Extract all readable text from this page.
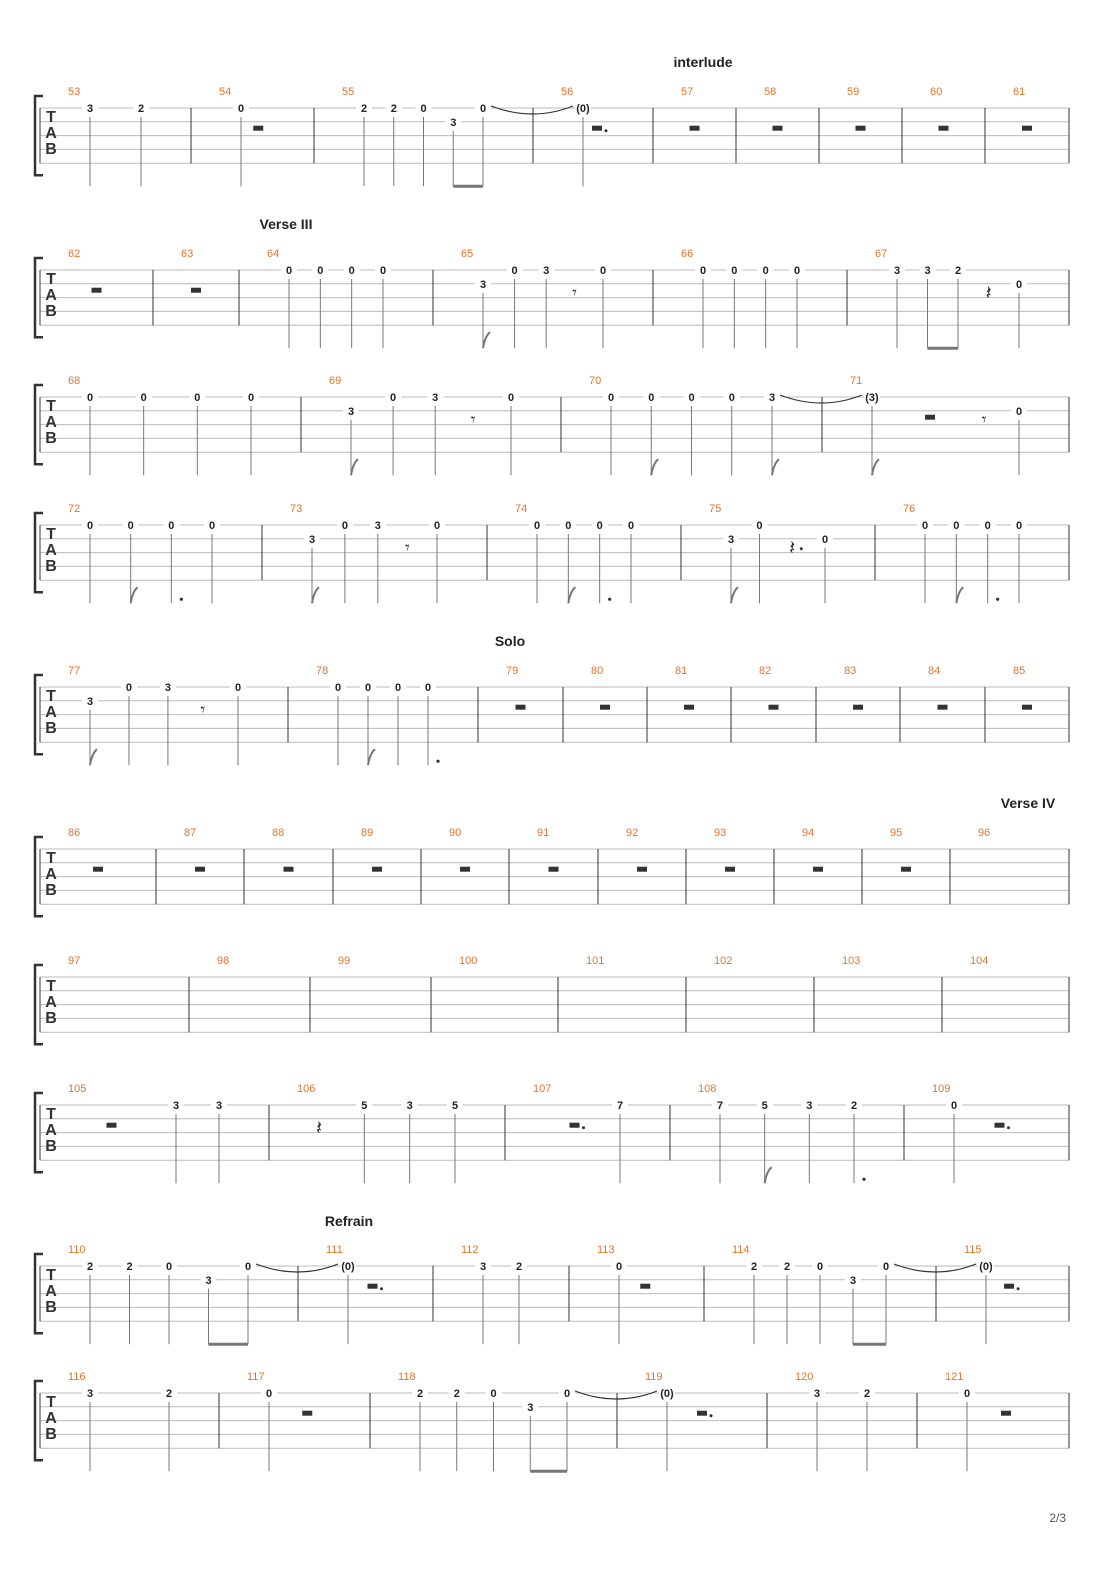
T
A
B
53
3	2
54
0
55
2 2 0
3
0
56
(0)
57	58	59	60	61
T
A
B
62	63	64
0 0 0 0
65
3
0 3
𝄾
0
66
0 0 0 0
67
3 3 2
𝄽 0
T
A
B
68
0	0	0	0
69
3
0	3
𝄾
0
70
0	0	0	0	3
71
(3)
𝄾	0
T
A
B
72
0	0	0	0
73
3
0 3
𝄾
0
74
0 0 0 0
75
3
0
𝄽 0
76
0 0 0 0
T
A
B
77
3
0	3
𝄾
0
78
0 0 0 0
79	80	81	82	83	84	85
T
A
B
86	87	88	89	90	91	92	93	94	95	96
T
A
B
97	98	99	100	101	102	103	104
T
A
B
105
3	3
106
𝄽
5	3	5
107
7
108
7	5	3	2
109
0
T
A
B
110
2	2	0
3
0
111
(0)
112
3	2
113
0
114
2 2 0
3
0
115
(0)
T
A
B
116
3	2
117
0
118
2	2	0
3
0
119
(0)
120
3	2
121
0
interlude
Verse III
Solo
Verse IV
Refrain
2/3
